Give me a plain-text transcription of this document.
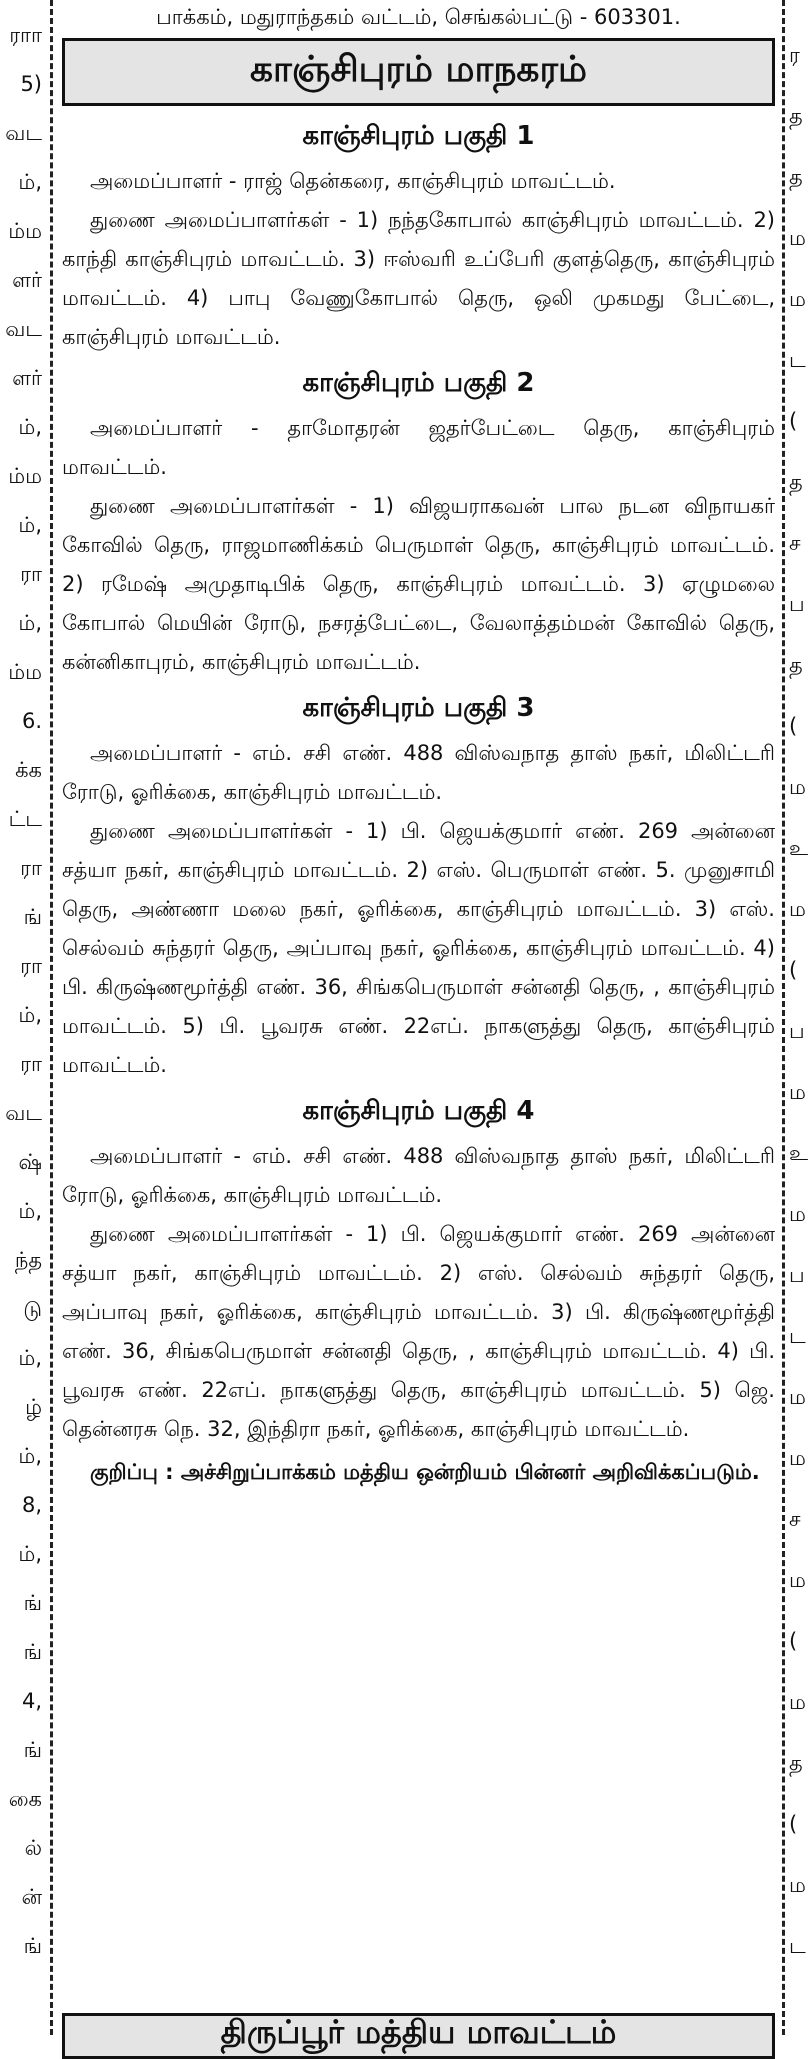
ராா
5)
வட
ம்,
ம்ம
ளர்
வட
ளர்
ம்,
ம்ம
ம்,
ரா
ம்,
ம்ம
6.
க்க
ட்ட
ரா
ங்
ரா
ம்,
ரா
வட
ஷ்
ம்,
ந்த
டு
ம்,
ழ்
ம்,
8,
ம்,
ங்
ங்
4,
ங்
கை
ல்
ன்
ங்
பாக்கம், மதுராந்தகம் வட்டம், செங்கல்பட்டு - 603301.
காஞ்சிபுரம் மாநகரம்
காஞ்சிபுரம் பகுதி 1

அமைப்பாளர் - ராஜ் தென்கரை, காஞ்சிபுரம் மாவட்டம்.

துணை அமைப்பாளர்கள் - 1) நந்தகோபால் காஞ்சிபுரம் மாவட்டம். 2) காந்தி காஞ்சிபுரம் மாவட்டம். 3) ஈஸ்வரி உப்பேரி குளத்தெரு, காஞ்சிபுரம் மாவட்டம். 4) பாபு வேணுகோபால் தெரு, ஒலி முகமது பேட்டை, காஞ்சிபுரம் மாவட்டம்.

காஞ்சிபுரம் பகுதி 2

அமைப்பாளர் - தாமோதரன் ஜதர்பேட்டை தெரு, காஞ்சிபுரம் மாவட்டம்.

துணை அமைப்பாளர்கள் - 1) விஜயராகவன் பால நடன விநாயகர் கோவில் தெரு, ராஜமாணிக்கம் பெருமாள் தெரு, காஞ்சிபுரம் மாவட்டம். 2) ரமேஷ் அமுதாடிபிக் தெரு, காஞ்சிபுரம் மாவட்டம். 3) ஏழுமலை கோபால் மெயின் ரோடு, நசரத்பேட்டை, வேலாத்தம்மன் கோவில் தெரு, கன்னிகாபுரம், காஞ்சிபுரம் மாவட்டம்.

காஞ்சிபுரம் பகுதி 3

அமைப்பாளர் - எம். சசி எண். 488 விஸ்வநாத தாஸ் நகர், மிலிட்டரி ரோடு, ஓரிக்கை, காஞ்சிபுரம் மாவட்டம்.

துணை அமைப்பாளர்கள் - 1) பி. ஜெயக்குமார் எண். 269 அன்னை சத்யா நகர், காஞ்சிபுரம் மாவட்டம். 2) எஸ். பெருமாள் எண். 5. முனுசாமி தெரு, அண்ணா மலை நகர், ஓரிக்கை, காஞ்சிபுரம் மாவட்டம். 3) எஸ். செல்வம் சுந்தரர் தெரு, அப்பாவு நகர், ஓரிக்கை, காஞ்சிபுரம் மாவட்டம். 4) பி. கிருஷ்ணமூர்த்தி எண். 36, சிங்கபெருமாள் சன்னதி தெரு, , காஞ்சிபுரம் மாவட்டம். 5) பி. பூவரசு எண். 22எப். நாகளுத்து தெரு, காஞ்சிபுரம் மாவட்டம்.

காஞ்சிபுரம் பகுதி 4

அமைப்பாளர் - எம். சசி எண். 488 விஸ்வநாத தாஸ் நகர், மிலிட்டரி ரோடு, ஓரிக்கை, காஞ்சிபுரம் மாவட்டம்.

துணை அமைப்பாளர்கள் - 1) பி. ஜெயக்குமார் எண். 269 அன்னை சத்யா நகர், காஞ்சிபுரம் மாவட்டம். 2) எஸ். செல்வம் சுந்தரர் தெரு, அப்பாவு நகர், ஓரிக்கை, காஞ்சிபுரம் மாவட்டம். 3) பி. கிருஷ்ணமூர்த்தி எண். 36, சிங்கபெருமாள் சன்னதி தெரு, , காஞ்சிபுரம் மாவட்டம். 4) பி. பூவரசு எண். 22எப். நாகளுத்து தெரு, காஞ்சிபுரம் மாவட்டம். 5) ஜெ. தென்னரசு நெ. 32, இந்திரா நகர், ஓரிக்கை, காஞ்சிபுரம் மாவட்டம்.

குறிப்பு : அச்சிறுப்பாக்கம் மத்திய ஒன்றியம் பின்னர் அறிவிக்கப்படும்.

திருப்பூர் மத்திய மாவட்டம்
ர
த
த
ம
ம
ட
(
த
ச
ப
த
(
ம
உ
ம
(
ப
ம
உ
ம
ப
ட
ம
ம
ச
ம
(
ம
த
(
ம
ட
